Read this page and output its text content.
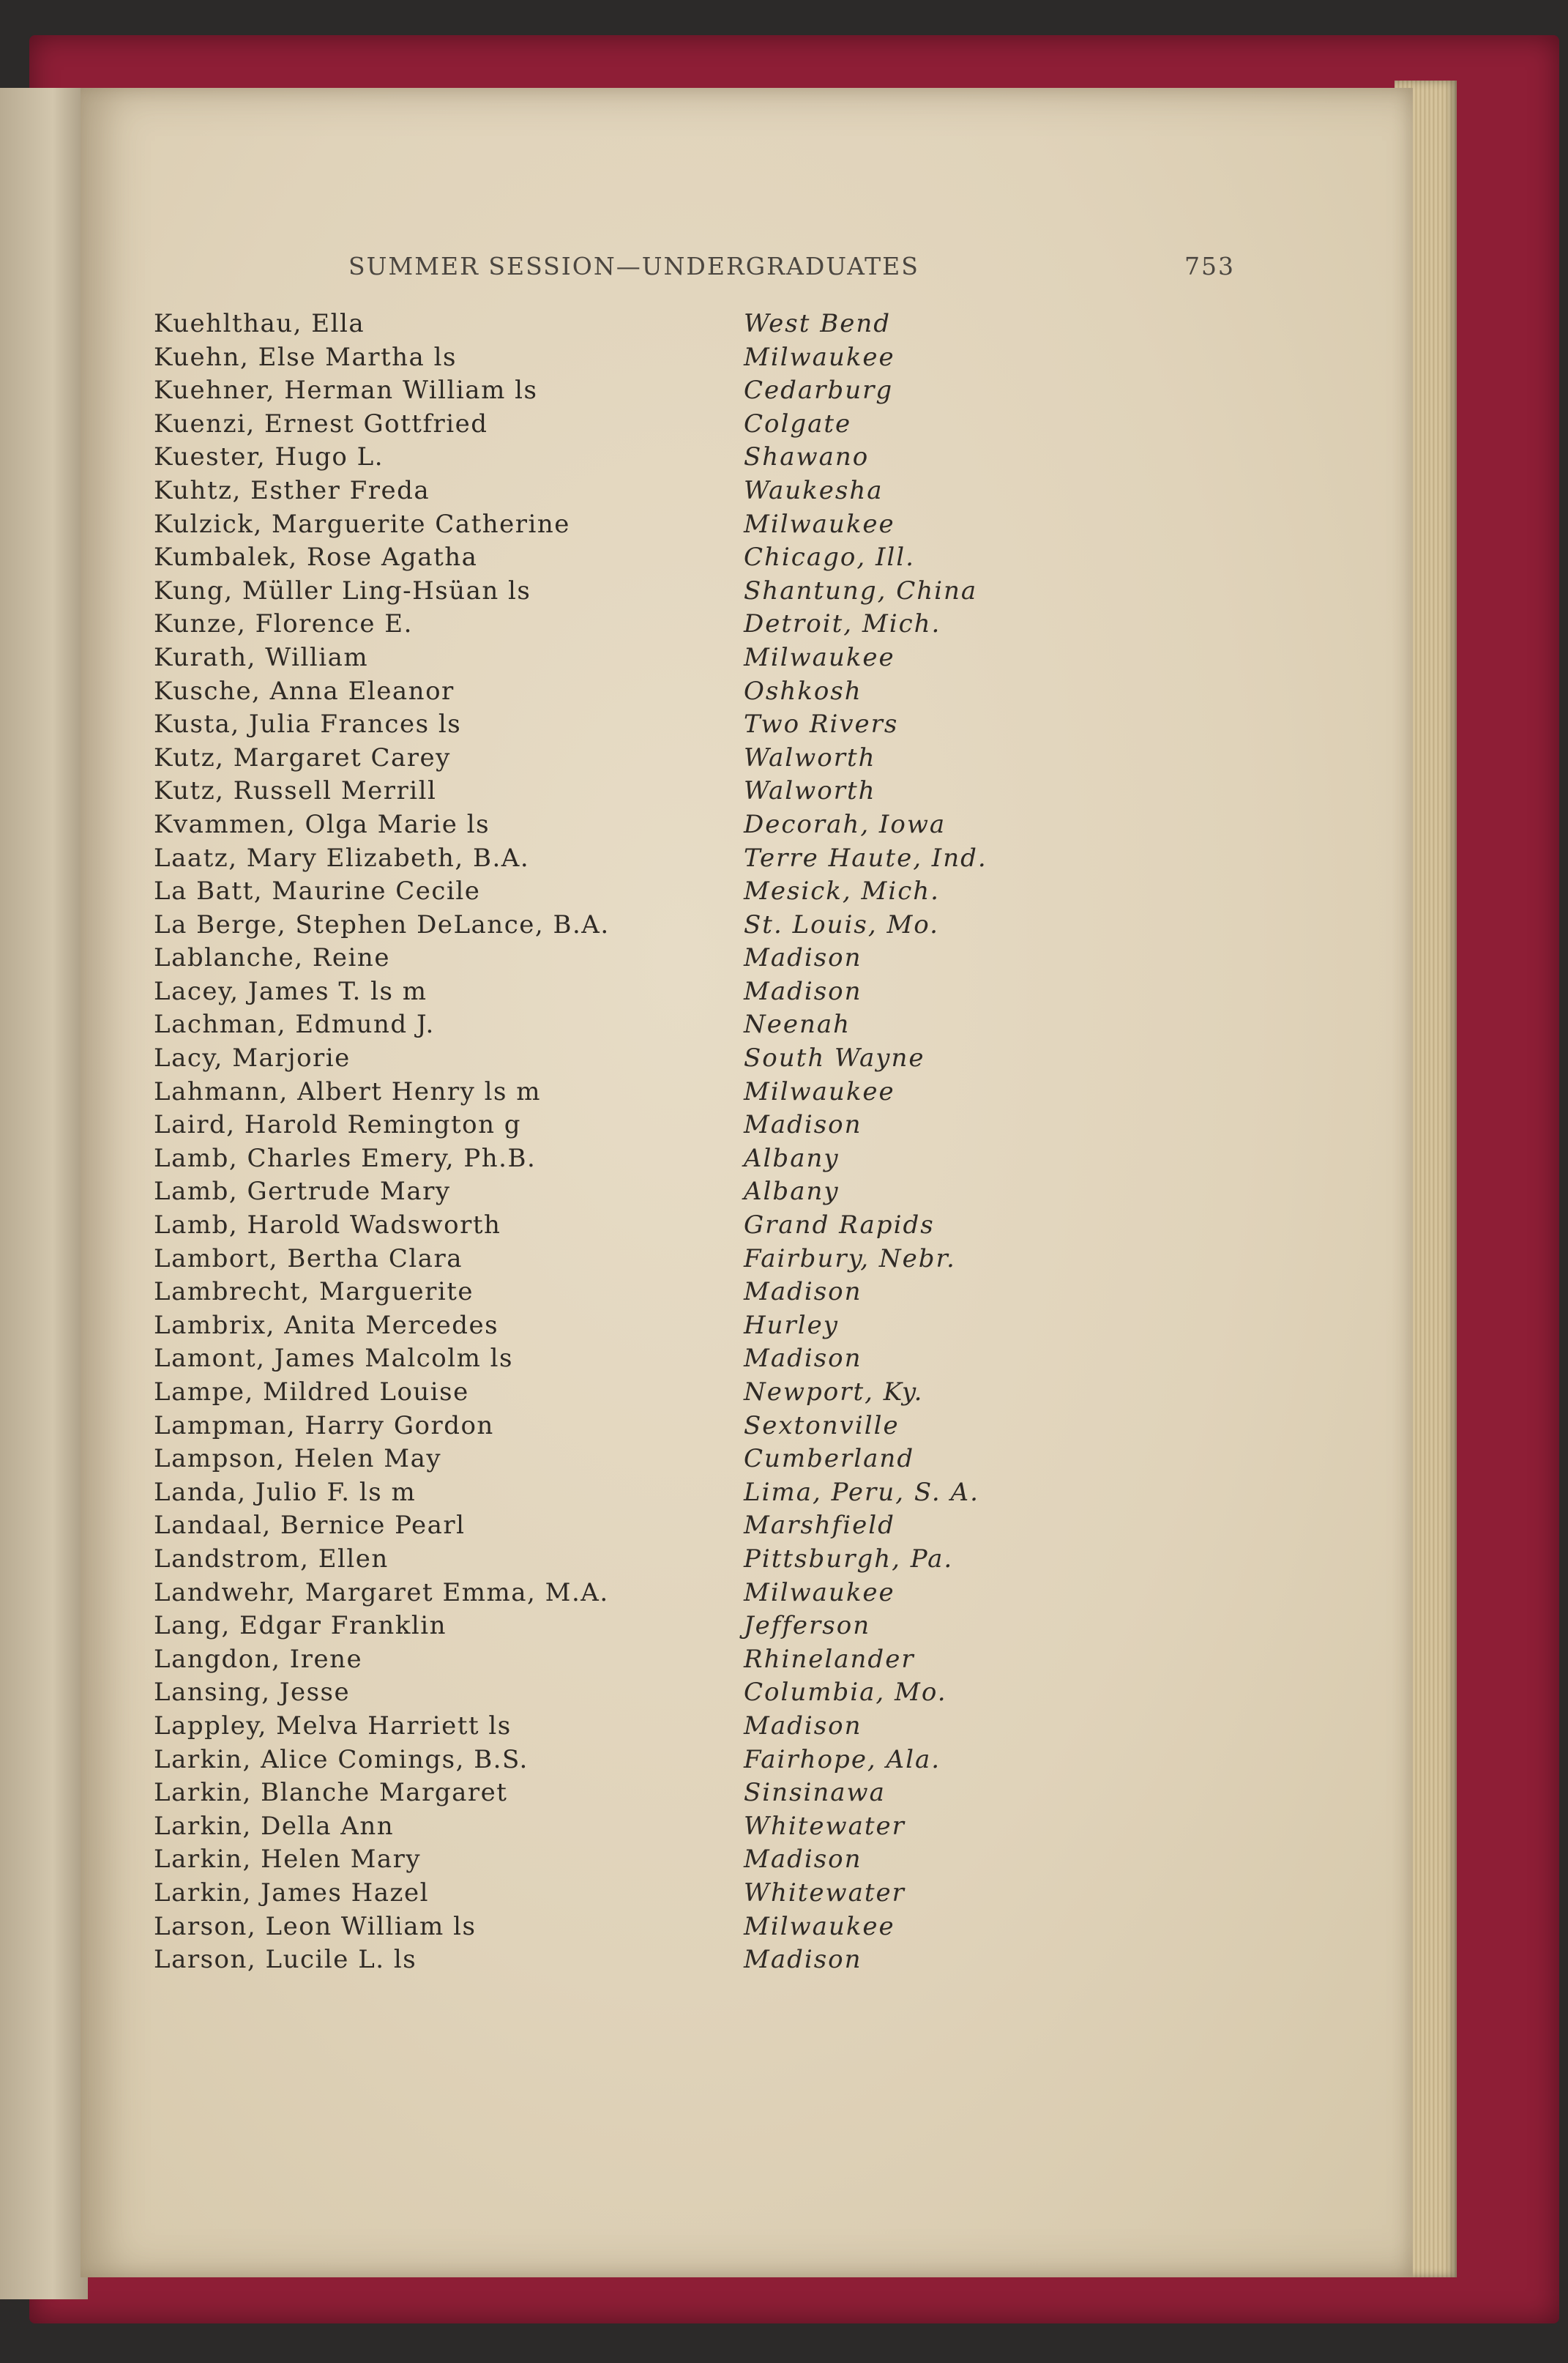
SUMMER SESSION—UNDERGRADUATES	753
Kuehlthau, Ella	West Bend
Kuehn, Else Martha ls	Milwaukee
Kuehner, Herman William ls	Cedarburg
Kuenzi, Ernest Gottfried	Colgate
Kuester, Hugo L.	Shawano
Kuhtz, Esther Freda	Waukesha
Kulzick, Marguerite Catherine	Milwaukee
Kumbalek, Rose Agatha	Chicago, Ill.
Kung, Müller Ling-Hsüan ls	Shantung, China
Kunze, Florence E.	Detroit, Mich.
Kurath, William	Milwaukee
Kusche, Anna Eleanor	Oshkosh
Kusta, Julia Frances ls	Two Rivers
Kutz, Margaret Carey	Walworth
Kutz, Russell Merrill	Walworth
Kvammen, Olga Marie ls	Decorah, Iowa
Laatz, Mary Elizabeth, B.A.	Terre Haute, Ind.
La Batt, Maurine Cecile	Mesick, Mich.
La Berge, Stephen DeLance, B.A.	St. Louis, Mo.
Lablanche, Reine	Madison
Lacey, James T. ls m	Madison
Lachman, Edmund J.	Neenah
Lacy, Marjorie	South Wayne
Lahmann, Albert Henry ls m	Milwaukee
Laird, Harold Remington g	Madison
Lamb, Charles Emery, Ph.B.	Albany
Lamb, Gertrude Mary	Albany
Lamb, Harold Wadsworth	Grand Rapids
Lambort, Bertha Clara	Fairbury, Nebr.
Lambrecht, Marguerite	Madison
Lambrix, Anita Mercedes	Hurley
Lamont, James Malcolm ls	Madison
Lampe, Mildred Louise	Newport, Ky.
Lampman, Harry Gordon	Sextonville
Lampson, Helen May	Cumberland
Landa, Julio F. ls m	Lima, Peru, S. A.
Landaal, Bernice Pearl	Marshfield
Landstrom, Ellen	Pittsburgh, Pa.
Landwehr, Margaret Emma, M.A.	Milwaukee
Lang, Edgar Franklin	Jefferson
Langdon, Irene	Rhinelander
Lansing, Jesse	Columbia, Mo.
Lappley, Melva Harriett ls	Madison
Larkin, Alice Comings, B.S.	Fairhope, Ala.
Larkin, Blanche Margaret	Sinsinawa
Larkin, Della Ann	Whitewater
Larkin, Helen Mary	Madison
Larkin, James Hazel	Whitewater
Larson, Leon William ls	Milwaukee
Larson, Lucile L. ls	Madison
